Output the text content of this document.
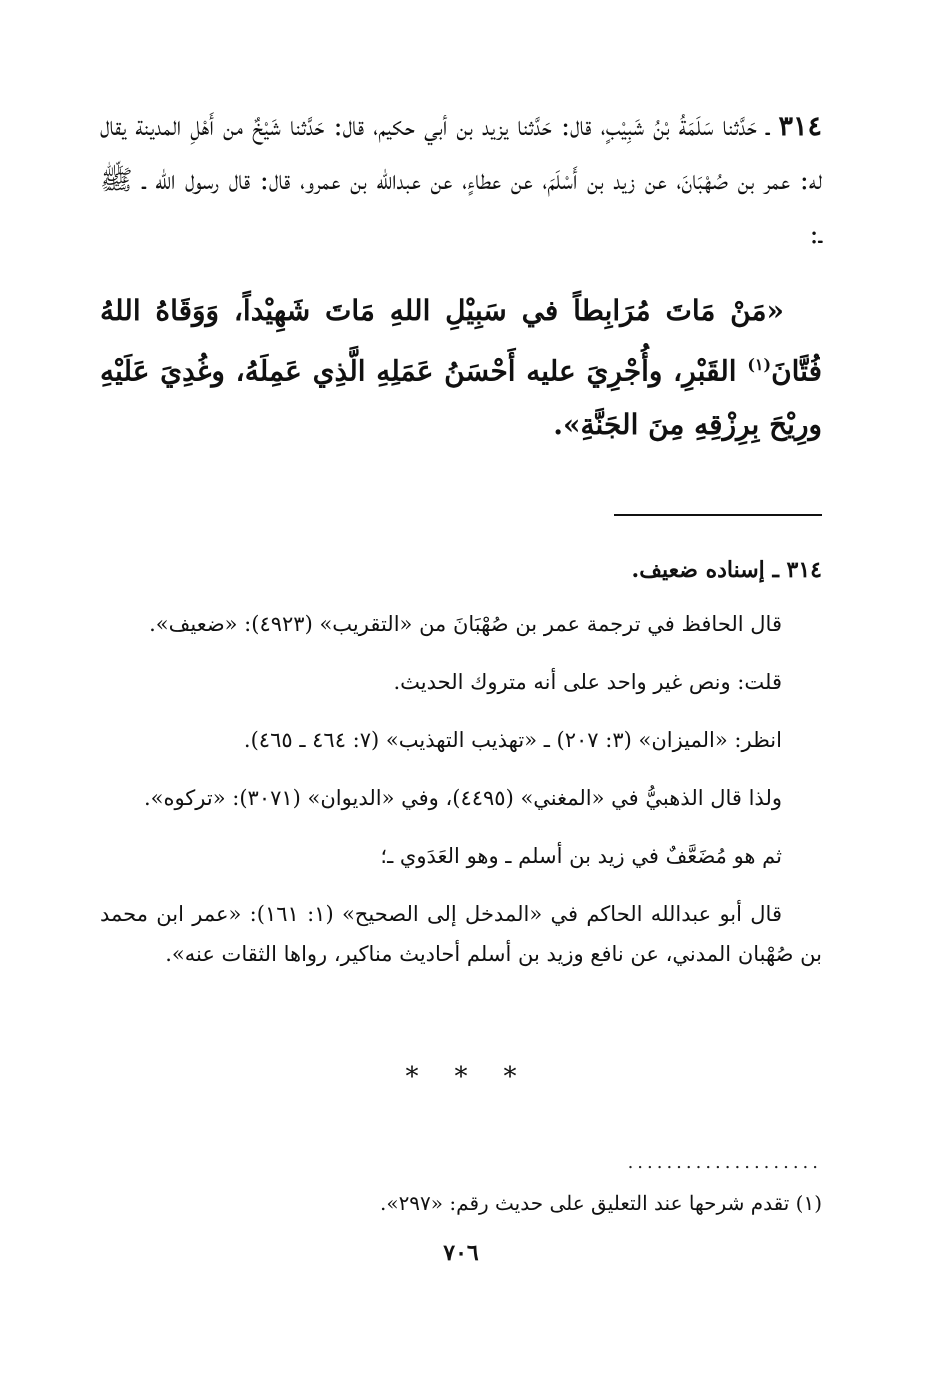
٣١٤ ـ حَدَّثنا سَلَمَةُ بْنُ شَبِيْبٍ، قال: حَدَّثنا يزيد بن أبي حكيم، قال: حَدَّثنا شَيْخٌ من أَهْلِ المدينة يقال له: عمر بن صُهْبَانَ، عن زيد بن أَسْلَمَ، عن عطاءٍ، عن عبدالله بن عمرو، قال: قال رسول الله ـ ﷺ ـ:

«مَنْ مَاتَ مُرَابِطاً في سَبِيْلِ اللهِ مَاتَ شَهِيْداً، وَوَقَاهُ اللهُ فُتَّانَ$^{(١)}$ القَبْرِ، وأُجْرِيَ عليه أَحْسَنُ عَمَلِهِ الَّذِي عَمِلَهُ، وغُدِيَ عَلَيْهِ ورِيْحَ بِرِزْقِهِ مِنَ الجَنَّةِ».

٣١٤ ـ إسناده ضعيف.

قال الحافظ في ترجمة عمر بن صُهْبَانَ من «التقريب» (٤٩٢٣): «ضعيف».

قلت: ونص غير واحد على أنه متروك الحديث.

انظر: «الميزان» (٣: ٢٠٧) ـ «تهذيب التهذيب» (٧: ٤٦٤ ـ ٤٦٥).

ولذا قال الذهبيُّ في «المغني» (٤٤٩٥)، وفي «الديوان» (٣٠٧١): «تركوه».

ثم هو مُضَعَّفٌ في زيد بن أسلم ـ وهو العَدَوي ـ؛

قال أبو عبدالله الحاكم في «المدخل إلى الصحيح» (١: ١٦١): «عمر ابن محمد بن صُهْبان المدني، عن نافع وزيد بن أسلم أحاديث مناكير، رواها الثقات عنه».

* * *
....................
(١) تقدم شرحها عند التعليق على حديث رقم: «٢٩٧».
٧٠٦
